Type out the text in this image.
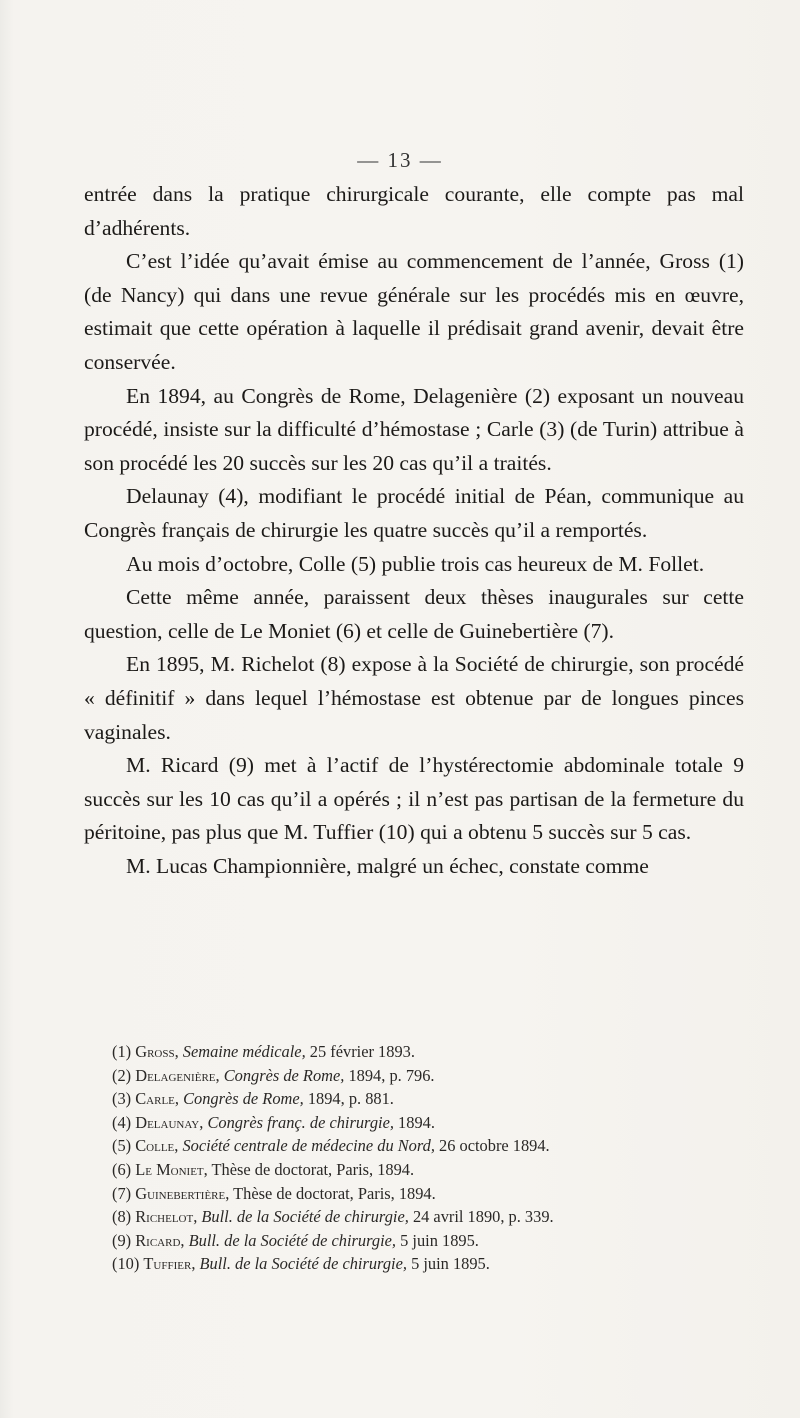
— 13 —

entrée dans la pratique chirurgicale courante, elle compte pas mal d’adhérents.

C’est l’idée qu’avait émise au commencement de l’année, Gross (1) (de Nancy) qui dans une revue générale sur les procédés mis en œuvre, estimait que cette opération à laquelle il prédisait grand avenir, devait être conservée.

En 1894, au Congrès de Rome, Delagenière (2) exposant un nouveau procédé, insiste sur la difficulté d’hémostase ; Carle (3) (de Turin) attribue à son procédé les 20 succès sur les 20 cas qu’il a traités.

Delaunay (4), modifiant le procédé initial de Péan, communique au Congrès français de chirurgie les quatre succès qu’il a remportés.

Au mois d’octobre, Colle (5) publie trois cas heureux de M. Follet.

Cette même année, paraissent deux thèses inaugurales sur cette question, celle de Le Moniet (6) et celle de Guinebertière (7).

En 1895, M. Richelot (8) expose à la Société de chirurgie, son procédé « définitif » dans lequel l’hémostase est obtenue par de longues pinces vaginales.

M. Ricard (9) met à l’actif de l’hystérectomie abdominale totale 9 succès sur les 10 cas qu’il a opérés ; il n’est pas partisan de la fermeture du péritoine, pas plus que M. Tuffier (10) qui a obtenu 5 succès sur 5 cas.

M. Lucas Championnière, malgré un échec, constate comme

(1) Gross, Semaine médicale, 25 février 1893.
(2) Delagenière, Congrès de Rome, 1894, p. 796.
(3) Carle, Congrès de Rome, 1894, p. 881.
(4) Delaunay, Congrès franç. de chirurgie, 1894.
(5) Colle, Société centrale de médecine du Nord, 26 octobre 1894.
(6) Le Moniet, Thèse de doctorat, Paris, 1894.
(7) Guinebertière, Thèse de doctorat, Paris, 1894.
(8) Richelot, Bull. de la Société de chirurgie, 24 avril 1890, p. 339.
(9) Ricard, Bull. de la Société de chirurgie, 5 juin 1895.
(10) Tuffier, Bull. de la Société de chirurgie, 5 juin 1895.
